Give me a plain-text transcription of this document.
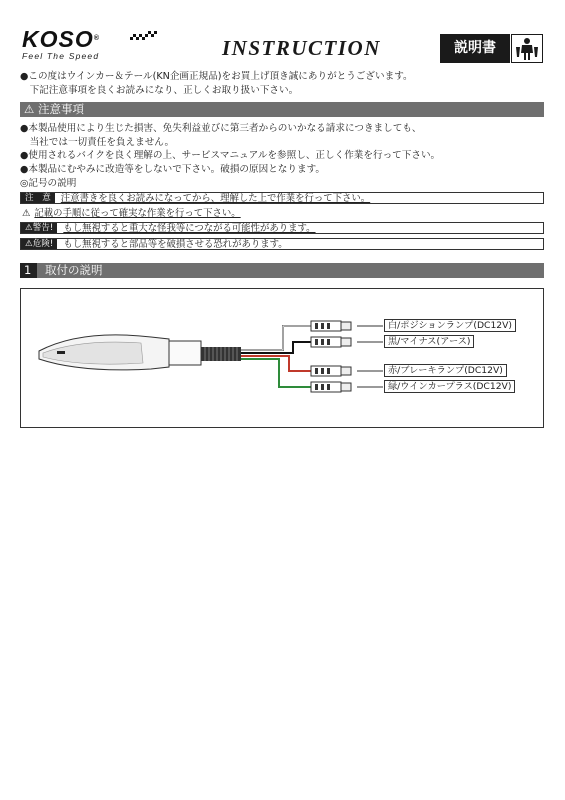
KOSO®
Feel The Speed	INSTRUCTION	説明書
●この度はウインカー＆テール(KN企画正規品)をお買上げ頂き誠にありがとうございます。
　下記注意事項を良くお読みになり、正しくお取り扱い下さい。
⚠ 注意事項
●本製品使用により生じた損害、免失利益並びに第三者からのいかなる請求につきましても、
　当社では一切責任を負えません。
●使用されるバイクを良く理解の上、サービスマニュアルを参照し、正しく作業を行って下さい。
●本製品にむやみに改造等をしないで下さい。破損の原因となります。
◎記号の説明
注　意 注意書きを良くお読みになってから、理解した上で作業を行って下さい。
⚠ 記載の手順に従って確実な作業を行って下さい。
⚠警告! もし無視すると重大な怪我等につながる可能性があります。
⚠危険! もし無視すると部品等を破損させる恐れがあります。
1 取付の説明
白/ポジションランプ(DC12V)
黒/マイナス(アース)
赤/ブレーキランプ(DC12V)
緑/ウインカープラス(DC12V)
